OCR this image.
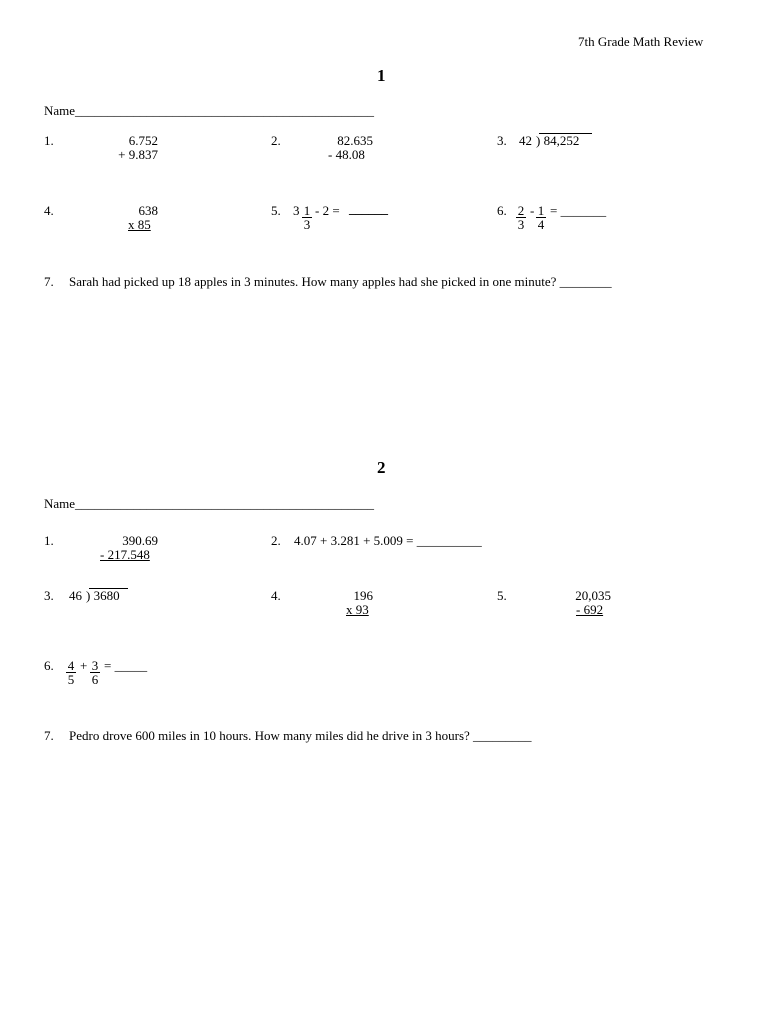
7th Grade Math Review
1
Name______________________________________________
1.	6.752
+ 9.837
2.	82.635
- 48.08
3. 42 ) 84,252
4.	638
x 85
5. $3 \frac{1}{3} - 2$ = ______	6. $\frac{2}{3} - \frac{1}{4}$ = _______
7. Sarah had picked up 18 apples in 3 minutes. How many apples had she picked in one minute? ________
2
Name______________________________________________
1.	390.69
- 217.548
2. 4.07 + 3.281 + 5.009 = __________
3. 46 ) 3680	4.	196
x 93
5.	20,035
- 692
6. $\frac{4}{5} + \frac{3}{6}$ = _____
7. Pedro drove 600 miles in 10 hours. How many miles did he drive in 3 hours? _________
